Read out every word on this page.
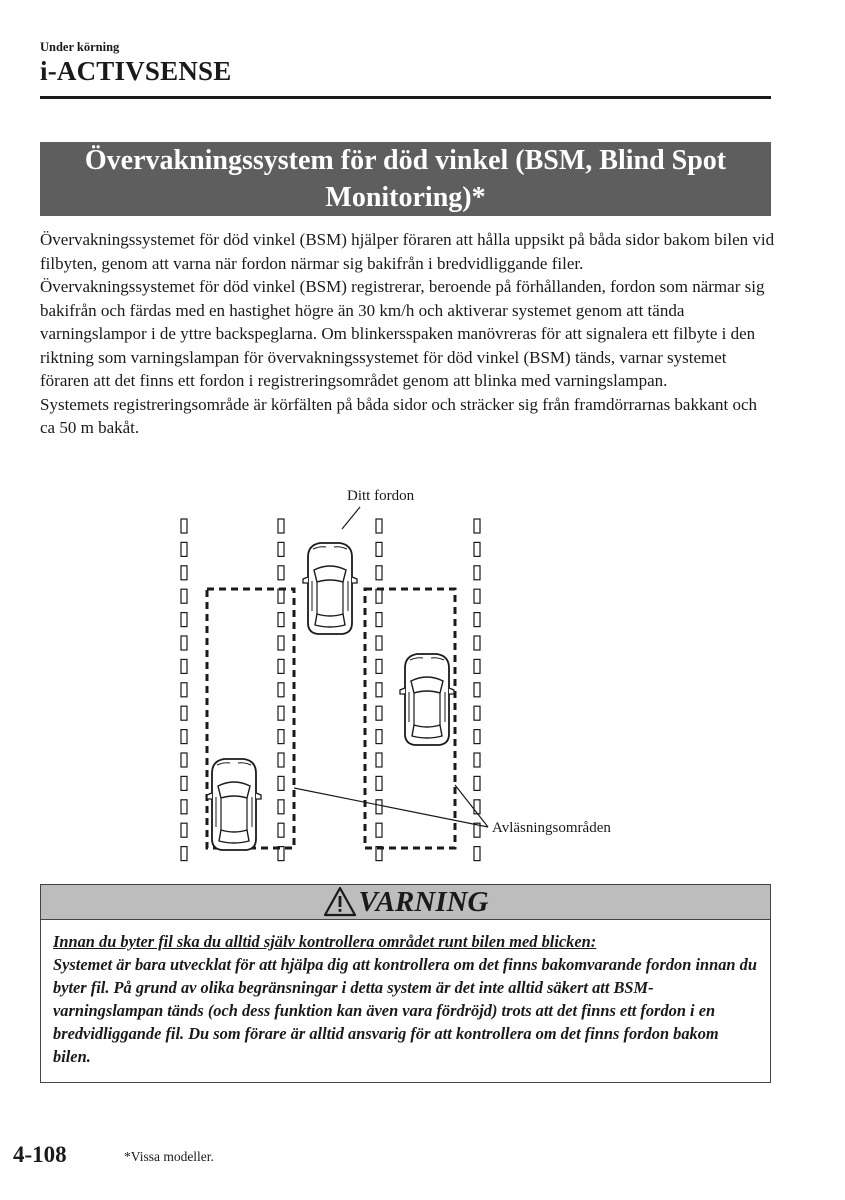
Under körning
i-ACTIVSENSE
Övervakningssystem för död vinkel (BSM, Blind Spot
Monitoring)*

Övervakningssystemet för död vinkel (BSM) hjälper föraren att hålla uppsikt på båda sidor bakom bilen vid filbyten, genom att varna när fordon närmar sig bakifrån i bredvidliggande filer.

Övervakningssystemet för död vinkel (BSM) registrerar, beroende på förhållanden, fordon som närmar sig bakifrån och färdas med en hastighet högre än 30 km/h och aktiverar systemet genom att tända varningslampor i de yttre backspeglarna. Om blinkersspaken manövreras för att signalera ett filbyte i den riktning som varningslampan för övervakningssystemet för död vinkel (BSM) tänds, varnar systemet föraren att det finns ett fordon i registreringsområdet genom att blinka med varningslampan.

Systemets registreringsområde är körfälten på båda sidor och sträcker sig från framdörrarnas bakkant och ca 50 m bakåt.

Ditt fordon
Avläsningsområden
VARNING
Innan du byter fil ska du alltid själv kontrollera området runt bilen med blicken:
Systemet är bara utvecklat för att hjälpa dig att kontrollera om det finns bakomvarande fordon innan du byter fil. På grund av olika begränsningar i detta system är det inte alltid säkert att BSM-varningslampan tänds (och dess funktion kan även vara fördröjd) trots att det finns ett fordon i en bredvidliggande fil. Du som förare är alltid ansvarig för att kontrollera om det finns fordon bakom bilen.
4-108	*Vissa modeller.
